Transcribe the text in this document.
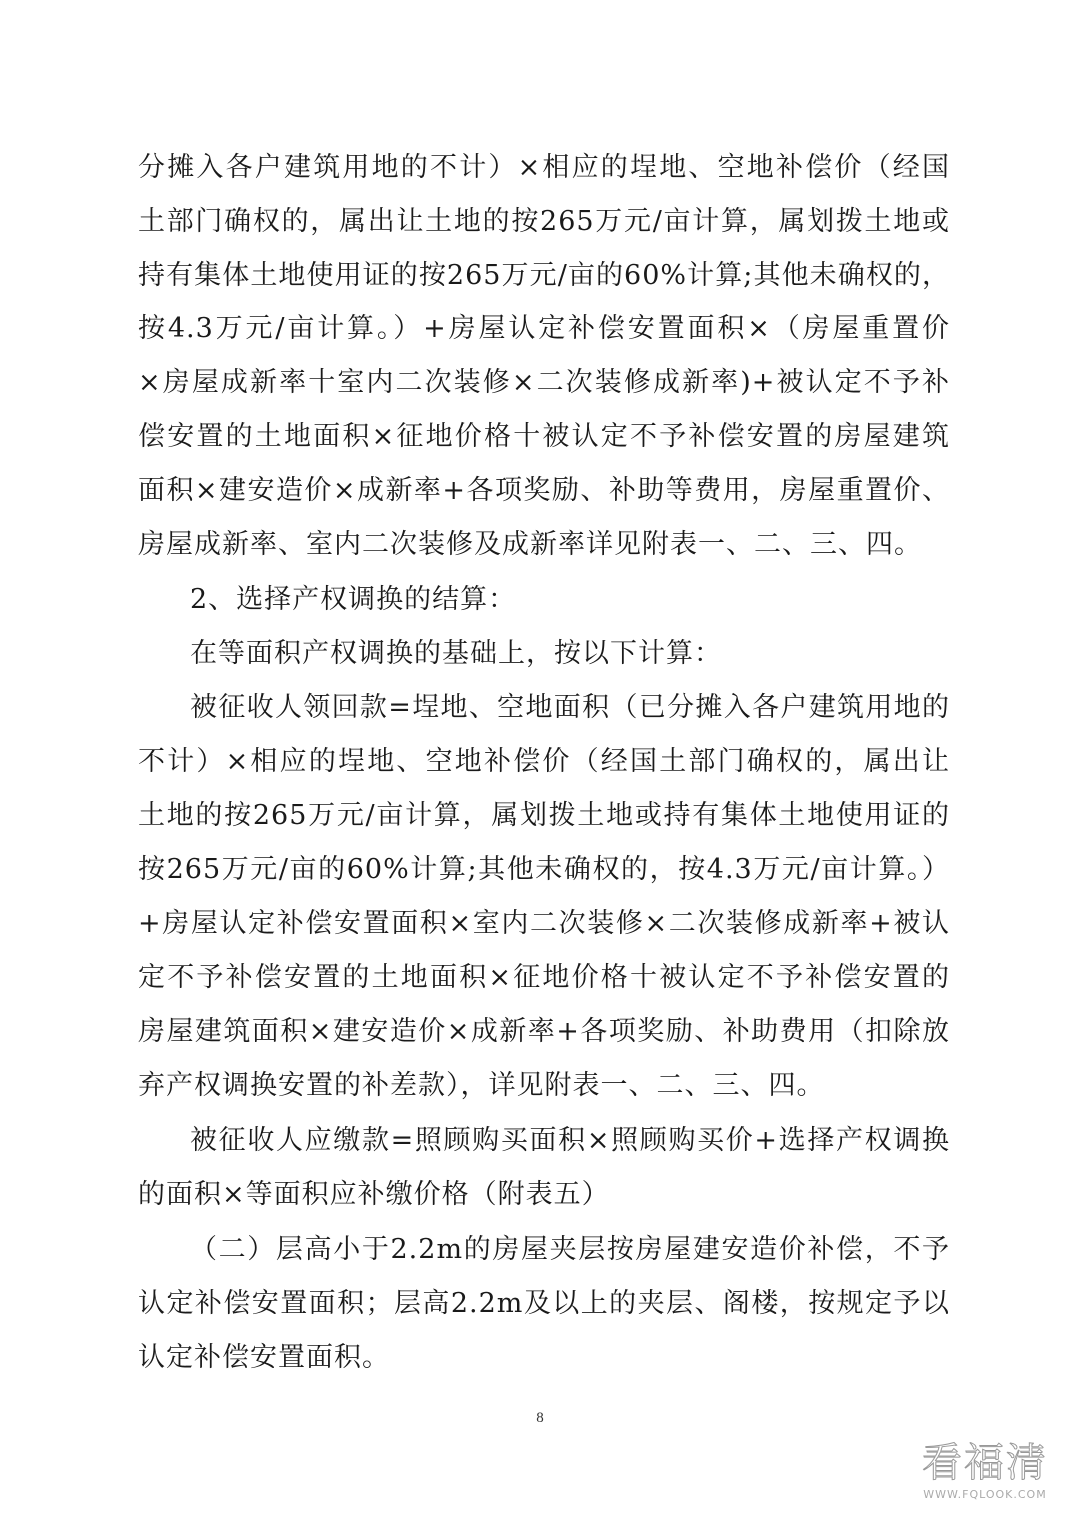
分摊入各户建筑用地的不计）×相应的埕地、空地补偿价（经国
土部门确权的，属出让土地的按265万元/亩计算，属划拨土地或
持有集体土地使用证的按265万元/亩的60%计算;其他未确权的，
按4.3万元/亩计算。）+房屋认定补偿安置面积×（房屋重置价
×房屋成新率十室内二次装修×二次装修成新率)+被认定不予补
偿安置的土地面积×征地价格十被认定不予补偿安置的房屋建筑
面积×建安造价×成新率+各项奖励、补助等费用，房屋重置价、
房屋成新率、室内二次装修及成新率详见附表一、二、三、四。
2、选择产权调换的结算：
在等面积产权调换的基础上，按以下计算：
被征收人领回款=埕地、空地面积（已分摊入各户建筑用地的
不计）×相应的埕地、空地补偿价（经国土部门确权的，属出让
土地的按265万元/亩计算，属划拨土地或持有集体土地使用证的
按265万元/亩的60%计算;其他未确权的，按4.3万元/亩计算。）
+房屋认定补偿安置面积×室内二次装修×二次装修成新率+被认
定不予补偿安置的土地面积×征地价格十被认定不予补偿安置的
房屋建筑面积×建安造价×成新率+各项奖励、补助费用（扣除放
弃产权调换安置的补差款），详见附表一、二、三、四。
被征收人应缴款=照顾购买面积×照顾购买价+选择产权调换
的面积×等面积应补缴价格（附表五）
（二）层高小于2.2m的房屋夹层按房屋建安造价补偿，不予
认定补偿安置面积；层高2.2m及以上的夹层、阁楼，按规定予以
认定补偿安置面积。
8
看福清
WWW.FQLOOK.COM
